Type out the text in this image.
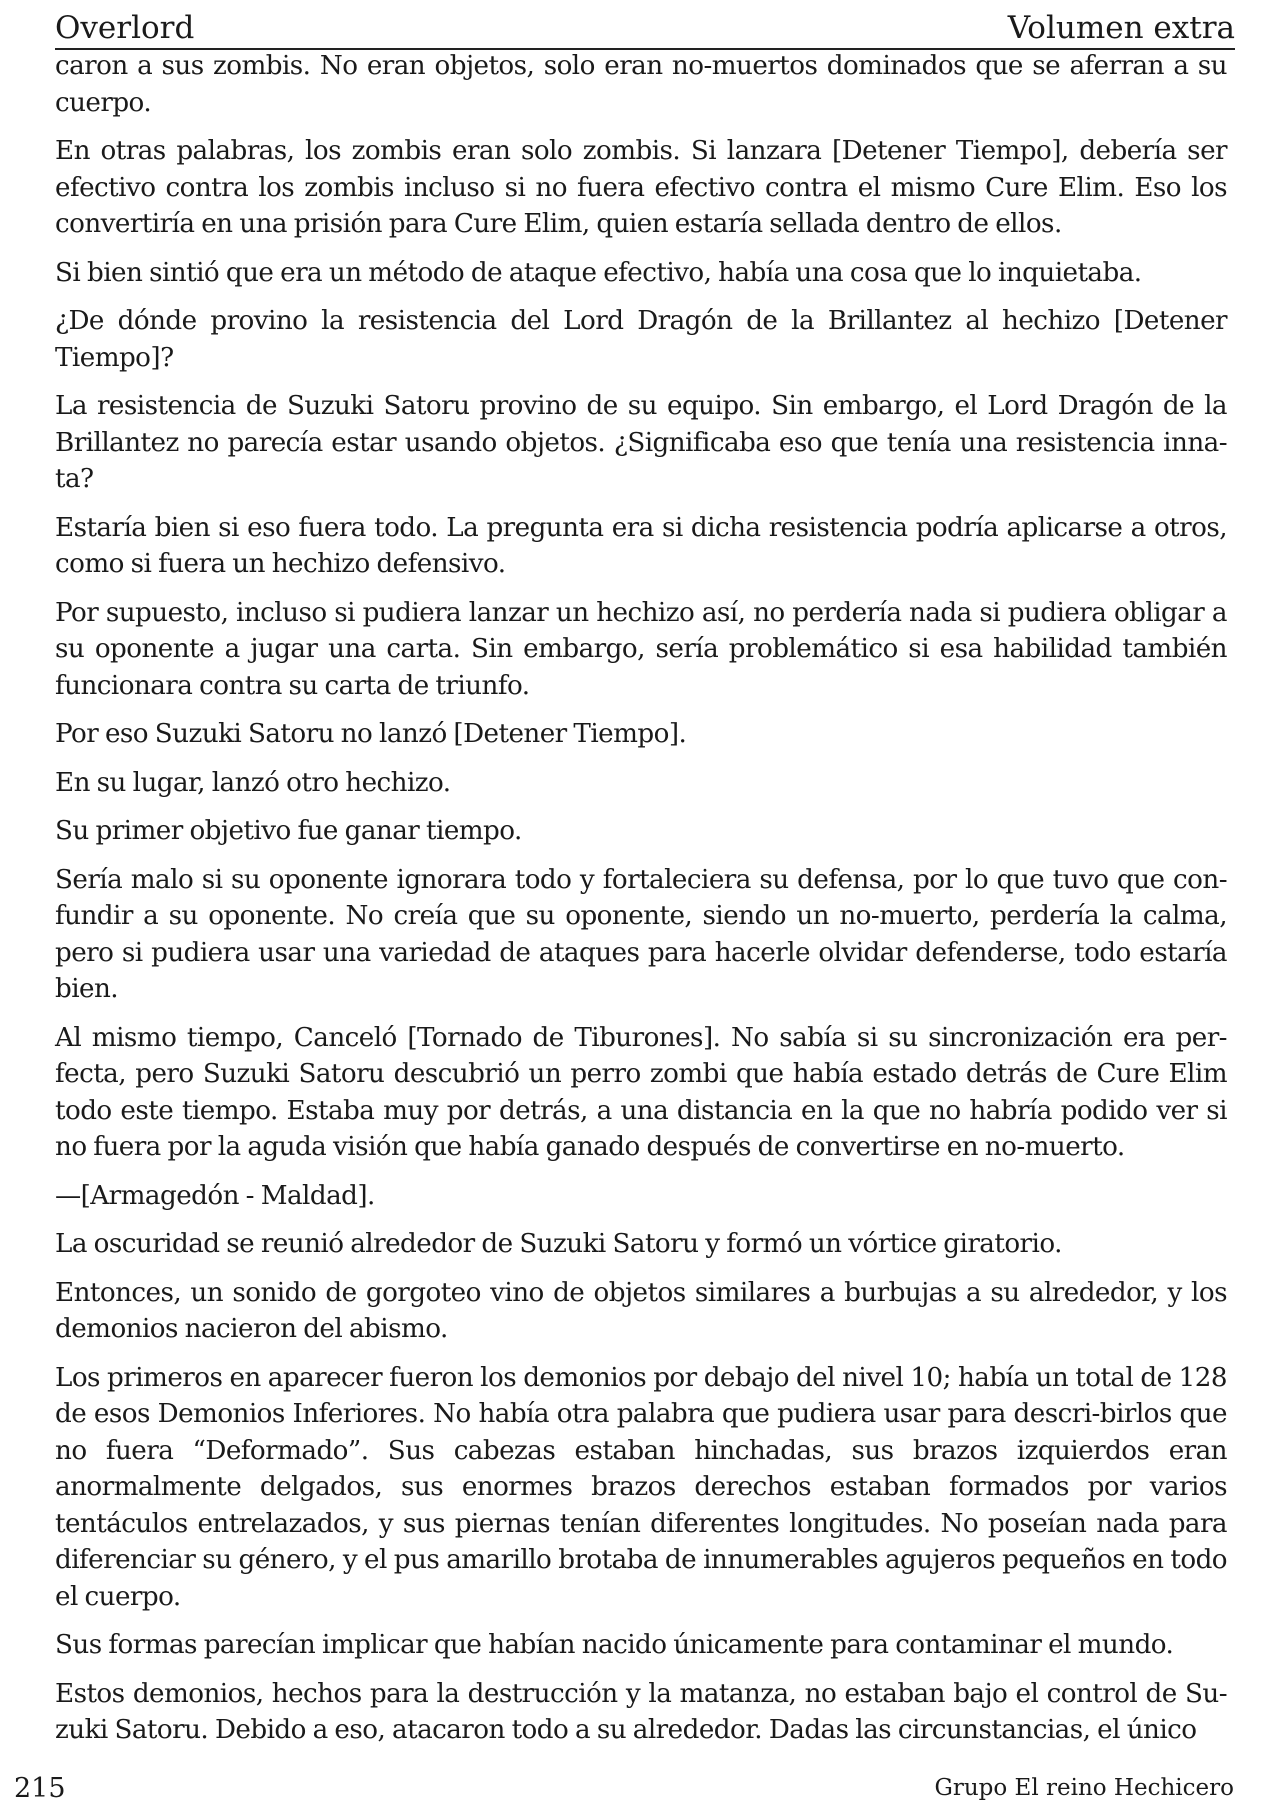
Overlord	Volumen extra

caron a sus zombis. No eran objetos, solo eran no-muertos dominados que se aferran a su cuerpo.

En otras palabras, los zombis eran solo zombis. Si lanzara [Detener Tiempo], debería ser efectivo contra los zombis incluso si no fuera efectivo contra el mismo Cure Elim. Eso los convertiría en una prisión para Cure Elim, quien estaría sellada dentro de ellos.

Si bien sintió que era un método de ataque efectivo, había una cosa que lo inquietaba.

¿De dónde provino la resistencia del Lord Dragón de la Brillantez al hechizo [Detener Tiempo]?

La resistencia de Suzuki Satoru provino de su equipo. Sin embargo, el Lord Dragón de la Brillantez no parecía estar usando objetos. ¿Significaba eso que tenía una resistencia inna-ta?

Estaría bien si eso fuera todo. La pregunta era si dicha resistencia podría aplicarse a otros, como si fuera un hechizo defensivo.

Por supuesto, incluso si pudiera lanzar un hechizo así, no perdería nada si pudiera obligar a su oponente a jugar una carta. Sin embargo, sería problemático si esa habilidad también funcionara contra su carta de triunfo.

Por eso Suzuki Satoru no lanzó [Detener Tiempo].

En su lugar, lanzó otro hechizo.

Su primer objetivo fue ganar tiempo.

Sería malo si su oponente ignorara todo y fortaleciera su defensa, por lo que tuvo que con-fundir a su oponente. No creía que su oponente, siendo un no-muerto, perdería la calma, pero si pudiera usar una variedad de ataques para hacerle olvidar defenderse, todo estaría bien.

Al mismo tiempo, Canceló [Tornado de Tiburones]. No sabía si su sincronización era per-fecta, pero Suzuki Satoru descubrió un perro zombi que había estado detrás de Cure Elim todo este tiempo. Estaba muy por detrás, a una distancia en la que no habría podido ver si no fuera por la aguda visión que había ganado después de convertirse en no-muerto.

—[Armagedón - Maldad].

La oscuridad se reunió alrededor de Suzuki Satoru y formó un vórtice giratorio.

Entonces, un sonido de gorgoteo vino de objetos similares a burbujas a su alrededor, y los demonios nacieron del abismo.

Los primeros en aparecer fueron los demonios por debajo del nivel 10; había un total de 128 de esos Demonios Inferiores. No había otra palabra que pudiera usar para descri-birlos que no fuera “Deformado”. Sus cabezas estaban hinchadas, sus brazos izquierdos eran anormalmente delgados, sus enormes brazos derechos estaban formados por varios tentáculos entrelazados, y sus piernas tenían diferentes longitudes. No poseían nada para diferenciar su género, y el pus amarillo brotaba de innumerables agujeros pequeños en todo el cuerpo.

Sus formas parecían implicar que habían nacido únicamente para contaminar el mundo.

Estos demonios, hechos para la destrucción y la matanza, no estaban bajo el control de Su-zuki Satoru. Debido a eso, atacaron todo a su alrededor. Dadas las circunstancias, el único

215	Grupo El reino Hechicero
